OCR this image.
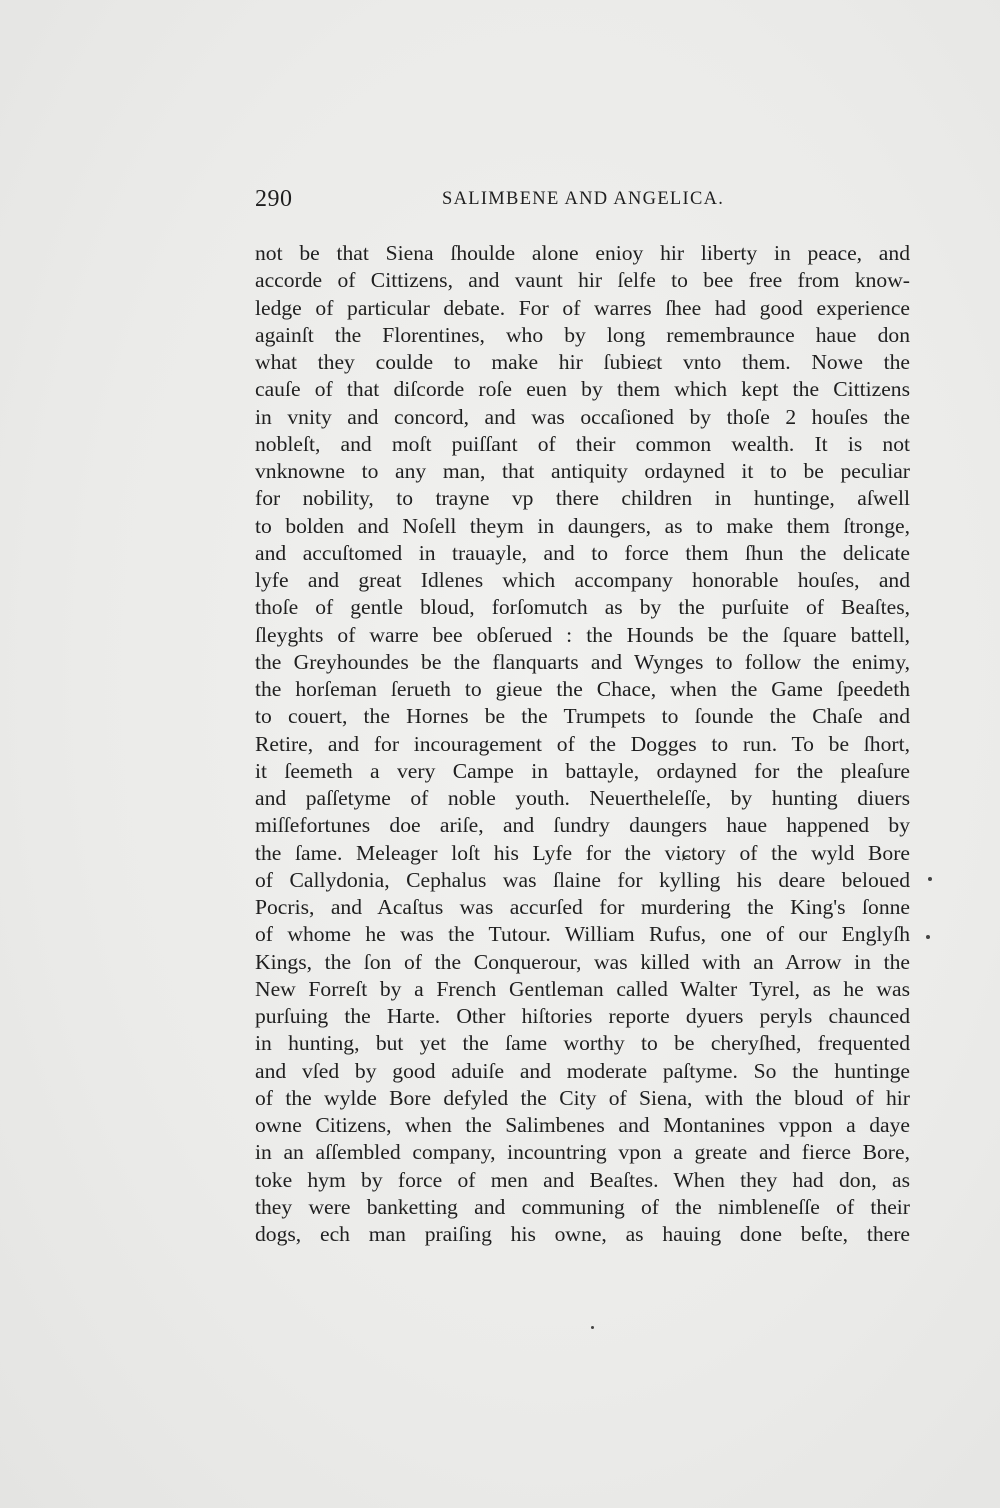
290	SALIMBENE AND ANGELICA.
not be that Siena ſhoulde alone enioy hir liberty in peace, and
accorde of Cittizens, and vaunt hir ſelfe to bee free from know-
ledge of particular debate. For of warres ſhee had good experience
againſt the Florentines, who by long remembraunce haue don
what they coulde to make hir ſubieɕt vnto them. Nowe the
cauſe of that diſcorde roſe euen by them which kept the Cittizens
in vnity and concord, and was occaſioned by thoſe 2 houſes the
nobleſt, and moſt puiſſant of their common wealth. It is not
vnknowne to any man, that antiquity ordayned it to be peculiar
for nobility, to trayne vp there children in huntinge, aſwell
to bolden and Noſell theym in daungers, as to make them ſtronge,
and accuſtomed in trauayle, and to force them ſhun the delicate
lyfe and great Idlenes which accompany honorable houſes, and
thoſe of gentle bloud, forſomutch as by the purſuite of Beaſtes,
ſleyghts of warre bee obſerued : the Hounds be the ſquare battell,
the Greyhoundes be the flanquarts and Wynges to follow the enimy,
the horſeman ſerueth to gieue the Chace, when the Game ſpeedeth
to couert, the Hornes be the Trumpets to ſounde the Chaſe and
Retire, and for incouragement of the Dogges to run. To be ſhort,
it ſeemeth a very Campe in battayle, ordayned for the pleaſure
and paſſetyme of noble youth. Neuertheleſſe, by hunting diuers
miſſefortunes doe ariſe, and ſundry daungers haue happened by
the ſame. Meleager loſt his Lyfe for the viɕtory of the wyld Bore
of Callydonia, Cephalus was ſlaine for kylling his deare beloued
Pocris, and Acaſtus was accurſed for murdering the King's ſonne
of whome he was the Tutour. William Rufus, one of our Englyſh
Kings, the ſon of the Conquerour, was killed with an Arrow in the
New Forreſt by a French Gentleman called Walter Tyrel, as he was
purſuing the Harte. Other hiſtories reporte dyuers peryls chaunced
in hunting, but yet the ſame worthy to be cheryſhed, frequented
and vſed by good aduiſe and moderate paſtyme. So the huntinge
of the wylde Bore defyled the City of Siena, with the bloud of hir
owne Citizens, when the Salimbenes and Montanines vppon a daye
in an aſſembled company, incountring vpon a greate and fierce Bore,
toke hym by force of men and Beaſtes. When they had don, as
they were banketting and communing of the nimbleneſſe of their
dogs, ech man praiſing his owne, as hauing done beſte, there
